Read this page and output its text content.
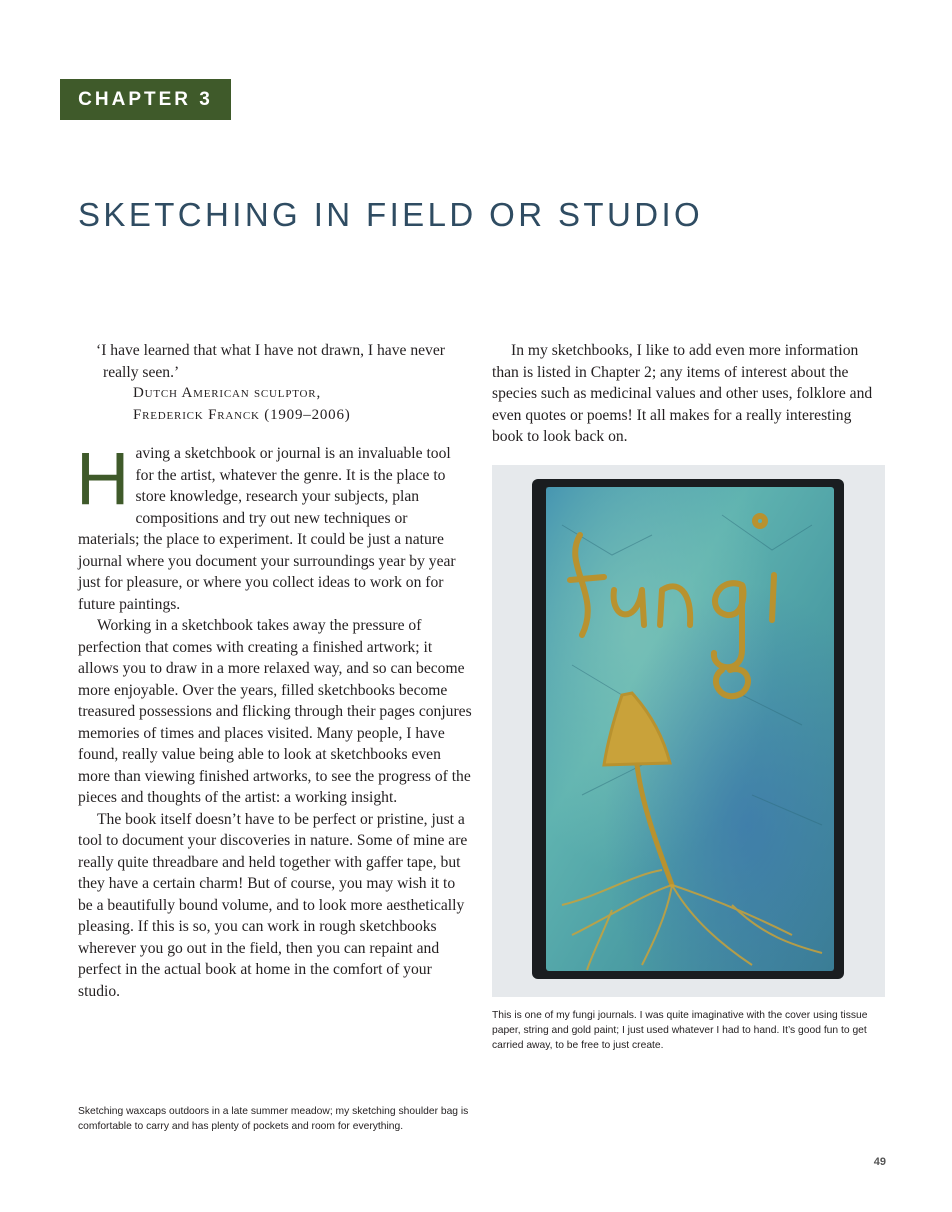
CHAPTER 3
SKETCHING IN FIELD OR STUDIO
‘I have learned that what I have not drawn, I have never really seen.’
Dutch American sculptor,
Frederick Franck (1909–2006)

Having a sketchbook or journal is an invaluable tool for the artist, whatever the genre. It is the place to store knowledge, research your subjects, plan compositions and try out new techniques or materials; the place to experiment. It could be just a nature journal where you document your surroundings year by year just for pleasure, or where you collect ideas to work on for future paintings.

Working in a sketchbook takes away the pressure of perfection that comes with creating a finished artwork; it allows you to draw in a more relaxed way, and so can become more enjoyable. Over the years, filled sketchbooks become treasured possessions and flicking through their pages conjures memories of times and places visited. Many people, I have found, really value being able to look at sketchbooks even more than viewing finished artworks, to see the progress of the pieces and thoughts of the artist: a working insight.

The book itself doesn’t have to be perfect or pristine, just a tool to document your discoveries in nature. Some of mine are really quite threadbare and held together with gaffer tape, but they have a certain charm! But of course, you may wish it to be a beautifully bound volume, and to look more aesthetically pleasing. If this is so, you can work in rough sketchbooks wherever you go out in the field, then you can repaint and perfect in the actual book at home in the comfort of your studio.

In my sketchbooks, I like to add even more information than is listed in Chapter 2; any items of interest about the species such as medicinal values and other uses, folklore and even quotes or poems! It all makes for a really interesting book to look back on.

This is one of my fungi journals. I was quite imaginative with the cover using tissue paper, string and gold paint; I just used whatever I had to hand. It’s good fun to get carried away, to be free to just create.
Sketching waxcaps outdoors in a late summer meadow; my sketching shoulder bag is comfortable to carry and has plenty of pockets and room for everything.
49
